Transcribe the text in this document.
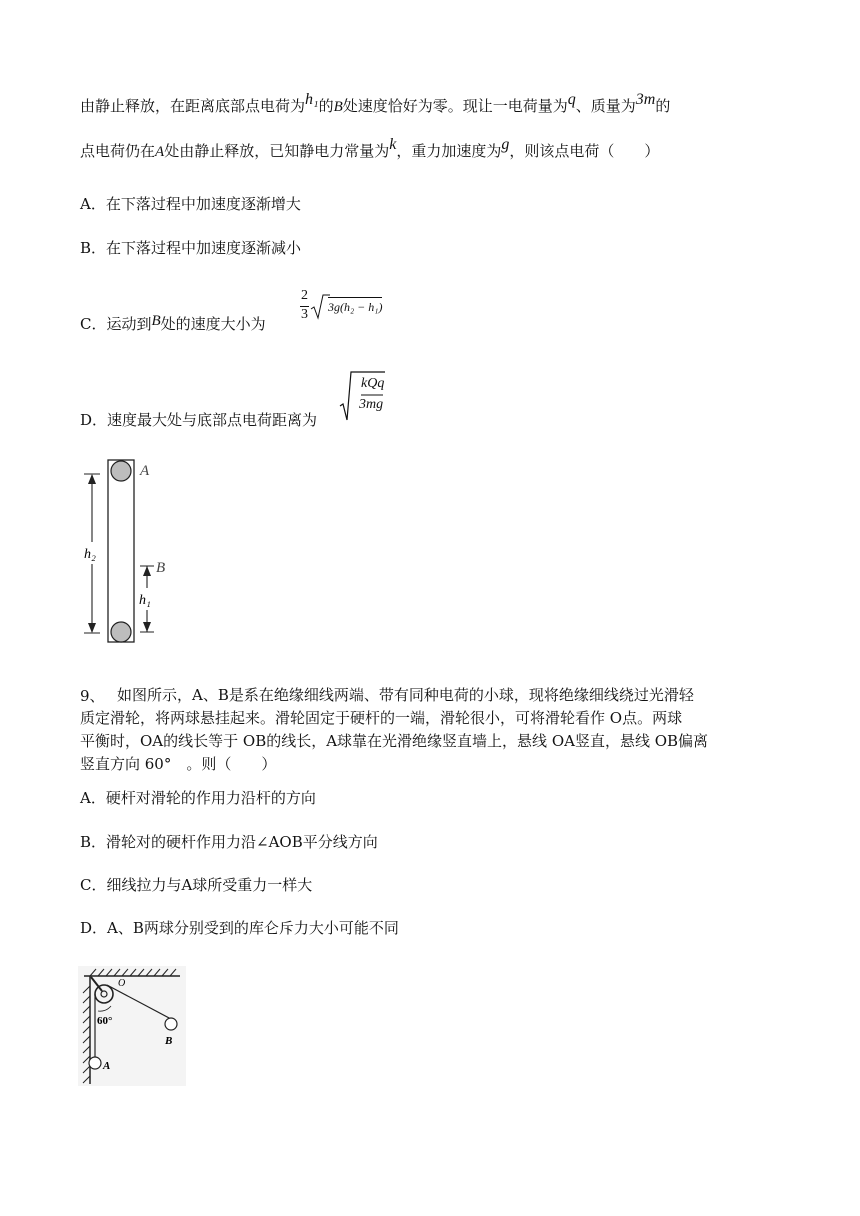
由静止释放，在距离底部点电荷为h₁的B处速度恰好为零。现让一电荷量为q、质量为3m的
点电荷仍在A处由静止释放，已知静电力常量为k，重力加速度为g，则该点电荷（　　）
A．在下落过程中加速度逐渐增大
B．在下落过程中加速度逐渐减小
C．运动到B处的速度大小为
2
3 3g(h₂ − h₁)
D．速度最大处与底部点电荷距离为
kQq
3mg
h₂
h₁
A
B
9、 如图所示，A、B是系在绝缘细线两端、带有同种电荷的小球，现将绝缘细线绕过光滑轻
质定滑轮，将两球悬挂起来。滑轮固定于硬杆的一端，滑轮很小，可将滑轮看作 O点。两球
平衡时，OA的线长等于 OB的线长，A球靠在光滑绝缘竖直墙上，悬线 OA竖直，悬线 OB偏离
竖直方向 60°　。则（　　）
A．硬杆对滑轮的作用力沿杆的方向
B．滑轮对的硬杆作用力沿∠AOB平分线方向
C．细线拉力与A球所受重力一样大
D．A、B两球分别受到的库仑斥力大小可能不同
60°
O
B
A
